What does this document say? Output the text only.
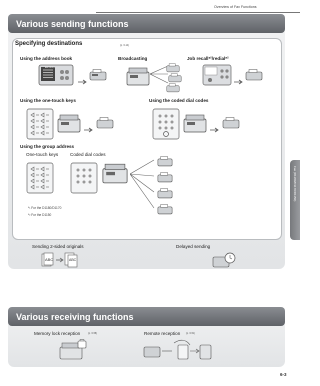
Overview of Fax Functions
Fax (D1180/D1170/D1150)
Various sending functions
Specifying destinations	(p. 6-14)
Using the address book	Broadcasting	Job recall*²/redial*²
ABCDEFG
Using the one-touch keys	Using the coded dial codes
Using the group address
One-touch keys	Coded dial codes
*¹ For the D1180/D1170
*² For the D1150
Sending 2-sided originals	Delayed sending
ABC	ABC
Various receiving functions
Memory lock reception	(p. 6-58)	Remote reception (p. 6-51)
6-3
